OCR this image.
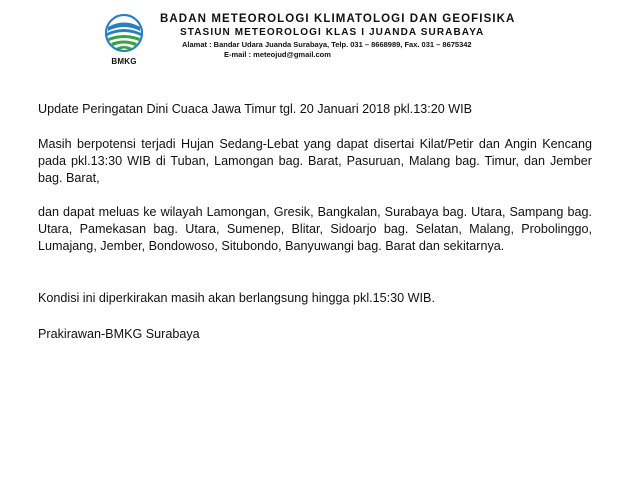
BMKG
BADAN METEOROLOGI KLIMATOLOGI DAN GEOFISIKA
STASIUN METEOROLOGI KLAS I JUANDA SURABAYA
Alamat : Bandar Udara Juanda Surabaya, Telp. 031 – 8668989, Fax. 031 – 8675342
E-mail : meteojud@gmail.com

Update Peringatan Dini Cuaca Jawa Timur tgl. 20 Januari 2018 pkl.13:20 WIB

Masih berpotensi terjadi Hujan Sedang-Lebat yang dapat disertai Kilat/Petir dan Angin Kencang pada pkl.13:30 WIB di Tuban, Lamongan bag. Barat, Pasuruan, Malang bag. Timur, dan Jember bag. Barat,

dan dapat meluas ke wilayah Lamongan, Gresik, Bangkalan, Surabaya bag. Utara, Sampang bag. Utara, Pamekasan bag. Utara, Sumenep, Blitar, Sidoarjo bag. Selatan, Malang, Probolinggo, Lumajang, Jember, Bondowoso, Situbondo, Banyuwangi bag. Barat dan sekitarnya.

Kondisi ini diperkirakan masih akan berlangsung hingga pkl.15:30 WIB.

Prakirawan-BMKG Surabaya
